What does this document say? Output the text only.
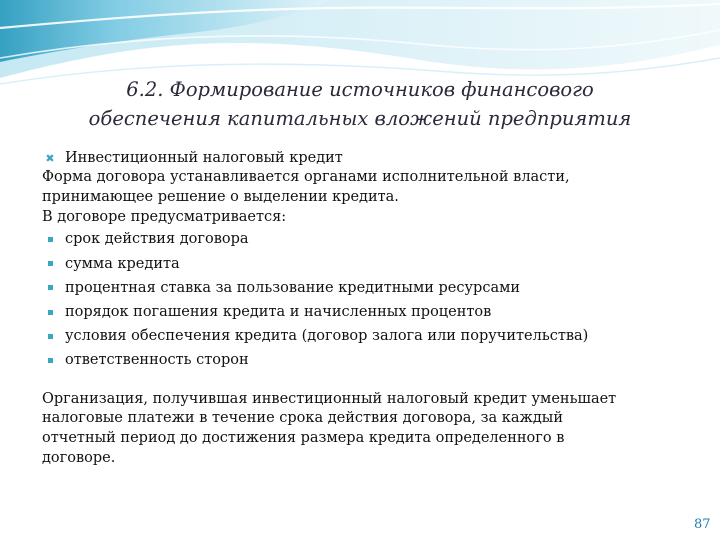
6.2. Формирование источников финансового
обеспечения капитальных вложений предприятия
✖ Инвестиционный налоговый кредит
Форма договора устанавливается органами исполнительной власти,
принимающее решение о выделении кредита.
В договоре предусматривается:
срок действия договора
сумма кредита
процентная ставка за пользование кредитными ресурсами
порядок погашения кредита и начисленных процентов
условия обеспечения кредита (договор залога или поручительства)
ответственность сторон
Организация, получившая инвестиционный налоговый кредит уменьшает
налоговые платежи в течение срока действия договора, за каждый
отчетный период до достижения размера кредита определенного в
договоре.
87
